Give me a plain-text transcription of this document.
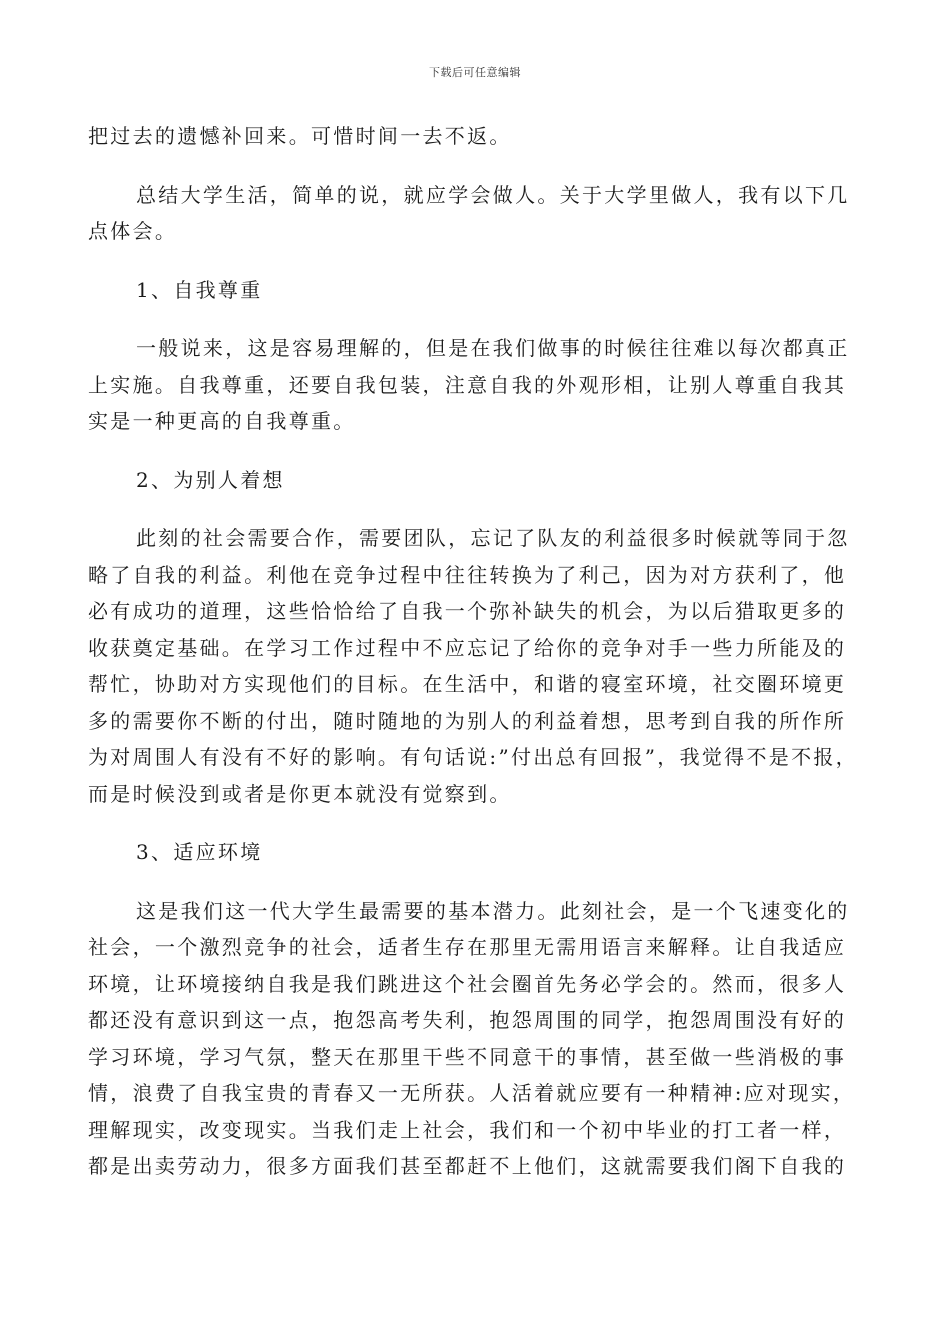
下载后可任意编辑

把过去的遗憾补回来。可惜时间一去不返。

总结大学生活，简单的说，就应学会做人。关于大学里做人，我有以下几点体会。

1、自我尊重

一般说来，这是容易理解的，但是在我们做事的时候往往难以每次都真正上实施。自我尊重，还要自我包装，注意自我的外观形相，让别人尊重自我其实是一种更高的自我尊重。

2、为别人着想

此刻的社会需要合作，需要团队，忘记了队友的利益很多时候就等同于忽略了自我的利益。利他在竞争过程中往往转换为了利己，因为对方获利了，他必有成功的道理，这些恰恰给了自我一个弥补缺失的机会，为以后猎取更多的收获奠定基础。在学习工作过程中不应忘记了给你的竞争对手一些力所能及的帮忙，协助对方实现他们的目标。在生活中，和谐的寝室环境，社交圈环境更多的需要你不断的付出，随时随地的为别人的利益着想，思考到自我的所作所为对周围人有没有不好的影响。有句话说:”付出总有回报”，我觉得不是不报，而是时候没到或者是你更本就没有觉察到。

3、适应环境

这是我们这一代大学生最需要的基本潜力。此刻社会，是一个飞速变化的社会，一个激烈竞争的社会，适者生存在那里无需用语言来解释。让自我适应环境，让环境接纳自我是我们跳进这个社会圈首先务必学会的。然而，很多人都还没有意识到这一点，抱怨高考失利，抱怨周围的同学，抱怨周围没有好的学习环境，学习气氛，整天在那里干些不同意干的事情，甚至做一些消极的事情，浪费了自我宝贵的青春又一无所获。人活着就应要有一种精神:应对现实，理解现实，改变现实。当我们走上社会，我们和一个初中毕业的打工者一样，都是出卖劳动力，很多方面我们甚至都赶不上他们，这就需要我们阁下自我的
